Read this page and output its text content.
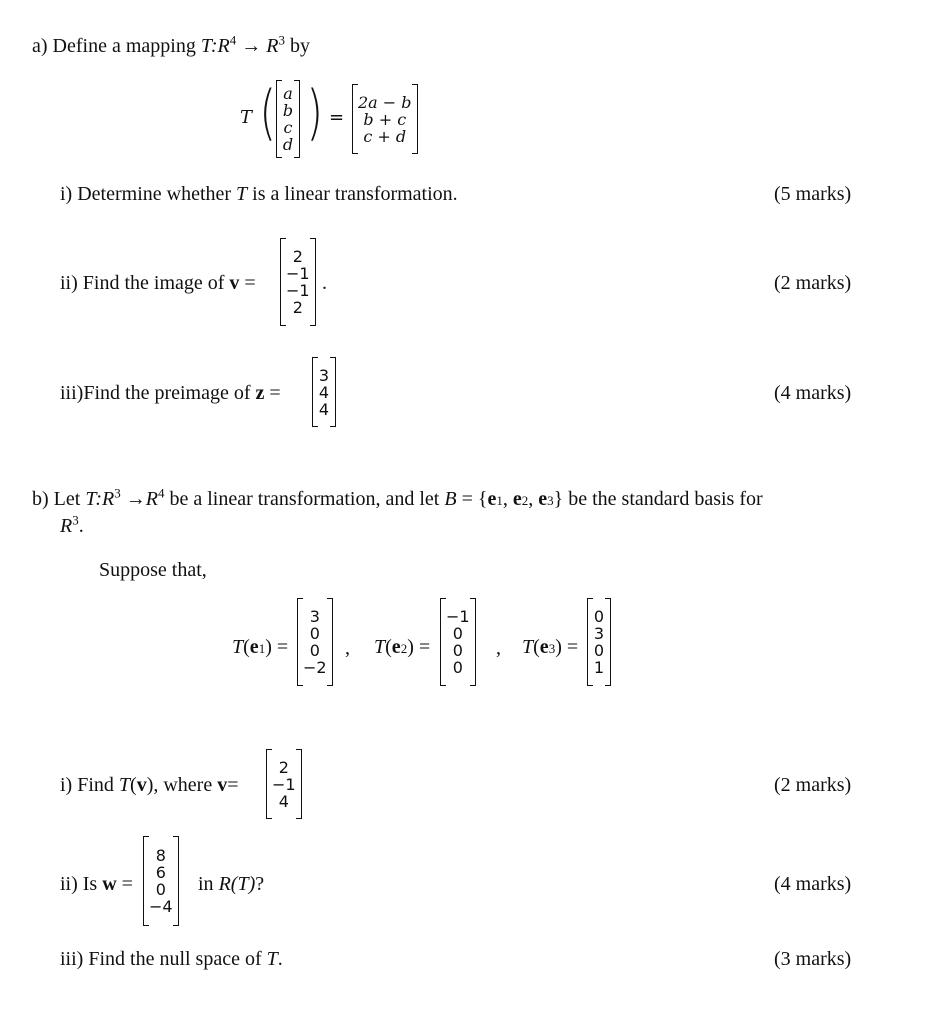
a) Define a mapping $T:R^4 \to R^3$ by
T ( a
b
c
d ) =
2a − b
b + c
c + d
i) Determine whether T is a linear transformation.	(5 marks)
ii) Find the image of v =
2
−1
−1
2
.	(2 marks)
iii)Find the preimage of z =
3
4
4
(4 marks)
b) Let $T:R^3 \to R^4$ be a linear transformation, and let B = {e1, e2, e3} be the standard basis for
$R^3$.
Suppose that,
T(e1) =
3
0
0
−2
, T(e2) =
−1
0
0
0
, T(e3) =
0
3
0
1
i) Find T(v), where v=
2
−1
4
(2 marks)
ii) Is w =
8
6
0
−4
in R(T)?	(4 marks)
iii) Find the null space of T.	(3 marks)
